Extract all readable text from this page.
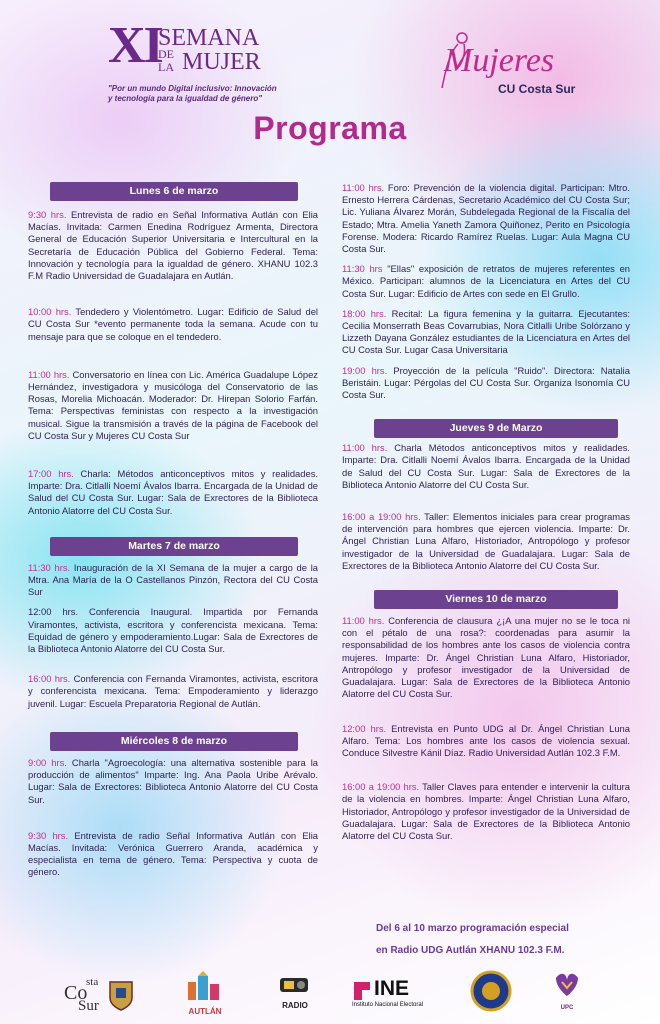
XI
SEMANA
DE LA MUJER
"Por un mundo Digital inclusivo: Innovación y tecnología para la igualdad de género"
Mujeres
CU Costa Sur
Programa
Lunes 6 de marzo
9:30 hrs. Entrevista de radio en Señal Informativa Autlán con Elia Macías. Invitada: Carmen Enedina Rodríguez Armenta, Directora General de Educación Superior Universitaria e Intercultural en la Secretaría de Educación Pública del Gobierno Federal. Tema: Innovación y tecnología para la igualdad de género. XHANU 102.3 F.M Radio Universidad de Guadalajara en Autlán.
10:00 hrs. Tendedero y Violentómetro. Lugar: Edificio de Salud del CU Costa Sur *evento permanente toda la semana. Acude con tu mensaje para que se coloque en el tendedero.
11:00 hrs. Conversatorio en línea con Lic. América Guadalupe López Hernández, investigadora y musicóloga del Conservatorio de las Rosas, Morelia Michoacán. Moderador: Dr. Hirepan Solorio Farfán. Tema: Perspectivas feministas con respecto a la investigación musical. Sigue la transmisión a través de la página de Facebook del CU Costa Sur y Mujeres CU Costa Sur
17:00 hrs. Charla: Métodos anticonceptivos mitos y realidades. Imparte: Dra. Citlalli Noemí Ávalos Ibarra. Encargada de la Unidad de Salud del CU Costa Sur. Lugar: Sala de Exrectores de la Biblioteca Antonio Alatorre del CU Costa Sur.
Martes 7 de marzo
11:30 hrs. Inauguración de la XI Semana de la mujer a cargo de la Mtra. Ana María de la O Castellanos Pinzón, Rectora del CU Costa Sur
12:00 hrs. Conferencia Inaugural. Impartida por Fernanda Viramontes, activista, escritora y conferencista mexicana. Tema: Equidad de género y empoderamiento.Lugar: Sala de Exrectores de la Biblioteca Antonio Alatorre del CU Costa Sur.
16:00 hrs. Conferencia con Fernanda Viramontes, activista, escritora y conferencista mexicana. Tema: Empoderamiento y liderazgo juvenil. Lugar: Escuela Preparatoria Regional de Autlán.
Miércoles 8 de marzo
9:00 hrs. Charla "Agroecología: una alternativa sostenible para la producción de alimentos" Imparte: Ing. Ana Paola Uribe Arévalo. Lugar: Sala de Exrectores: Biblioteca Antonio Alatorre del CU Costa Sur.
9:30 hrs. Entrevista de radio Señal Informativa Autlán con Elia Macías. Invitada: Verónica Guerrero Aranda, académica y especialista en tema de género. Tema: Perspectiva y cuota de género.
11:00 hrs. Foro: Prevención de la violencia digital. Participan: Mtro. Ernesto Herrera Cárdenas, Secretario Académico del CU Costa Sur; Lic. Yuliana Álvarez Morán, Subdelegada Regional de la Fiscalía del Estado; Mtra. Amelia Yaneth Zamora Quiñonez, Perito en Psicología Forense. Modera: Ricardo Ramírez Ruelas. Lugar: Aula Magna CU Costa Sur.
11:30 hrs "Ellas" exposición de retratos de mujeres referentes en México. Participan: alumnos de la Licenciatura en Artes del CU Costa Sur. Lugar: Edificio de Artes con sede en El Grullo.
18:00 hrs. Recital: La figura femenina y la guitarra. Ejecutantes: Cecilia Monserrath Beas Covarrubias, Nora Citlalli Uribe Solórzano y Lizzeth Dayana González estudiantes de la Licenciatura en Artes del CU Costa Sur. Lugar Casa Universitaria
19:00 hrs. Proyección de la película "Ruido". Directora: Natalia Beristáin. Lugar: Pérgolas del CU Costa Sur. Organiza Isonomía CU Costa Sur.
Jueves 9 de Marzo
11:00 hrs. Charla Métodos anticonceptivos mitos y realidades. Imparte: Dra. Citlalli Noemí Ávalos Ibarra. Encargada de la Unidad de Salud del CU Costa Sur. Lugar: Sala de Exrectores de la Biblioteca Antonio Alatorre del CU Costa Sur.
16:00 a 19:00 hrs. Taller: Elementos iniciales para crear programas de intervención para hombres que ejercen violencia. Imparte: Dr. Ángel Christian Luna Alfaro, Historiador, Antropólogo y profesor investigador de la Universidad de Guadalajara. Lugar: Sala de Exrectores de la Biblioteca Antonio Alatorre del CU Costa Sur.
Viernes 10 de marzo
11:00 hrs. Conferencia de clausura ¿¡A una mujer no se le toca ni con el pétalo de una rosa?: coordenadas para asumir la responsabilidad de los hombres ante los casos de violencia contra mujeres. Imparte: Dr. Ángel Christian Luna Alfaro, Historiador, Antropólogo y profesor investigador de la Universidad de Guadalajara. Lugar: Sala de Exrectores de la Biblioteca Antonio Alatorre del CU Costa Sur.
12:00 hrs. Entrevista en Punto UDG al Dr. Ángel Christian Luna Alfaro. Tema: Los hombres ante los casos de violencia sexual. Conduce Silvestre Kánil Díaz. Radio Universidad Autlán 102.3 F.M.
16:00 a 19:00 hrs. Taller Claves para entender e intervenir la cultura de la violencia en hombres. Imparte: Ángel Christian Luna Alfaro, Historiador, Antropólogo y profesor investigador de la Universidad de Guadalajara. Lugar: Sala de Exrectores de la Biblioteca Antonio Alatorre del CU Costa Sur.
Del 6 al 10 marzo programación especial
en Radio UDG Autlán XHANU 102.3 F.M.
Co
sta
Sur	AUTLÁN
RADIO
INE
Instituto Nacional Electoral	UPC
